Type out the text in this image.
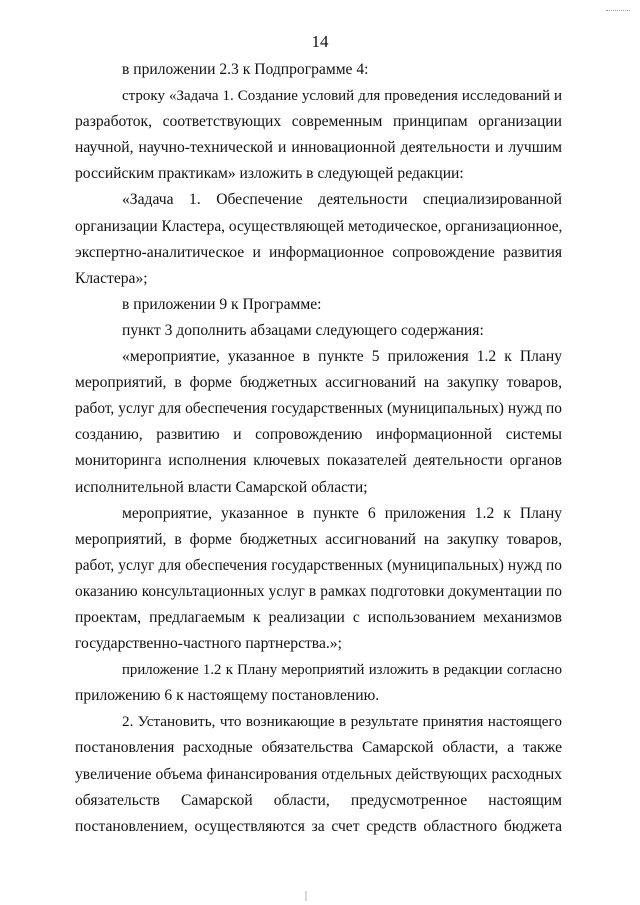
14
в приложении 2.3 к Подпрограмме 4:
строку «Задача 1. Создание условий для проведения исследований и
разработок, соответствующих современным принципам организации
научной, научно-технической и инновационной деятельности и лучшим
российским практикам» изложить в следующей редакции:
«Задача 1. Обеспечение деятельности специализированной
организации Кластера, осуществляющей методическое, организационное,
экспертно-аналитическое и информационное сопровождение развития
Кластера»;
в приложении 9 к Программе:
пункт 3 дополнить абзацами следующего содержания:
«мероприятие, указанное в пункте 5 приложения 1.2 к Плану
мероприятий, в форме бюджетных ассигнований на закупку товаров,
работ, услуг для обеспечения государственных (муниципальных) нужд по
созданию, развитию и сопровождению информационной системы
мониторинга исполнения ключевых показателей деятельности органов
исполнительной власти Самарской области;
мероприятие, указанное в пункте 6 приложения 1.2 к Плану
мероприятий, в форме бюджетных ассигнований на закупку товаров,
работ, услуг для обеспечения государственных (муниципальных) нужд по
оказанию консультационных услуг в рамках подготовки документации по
проектам, предлагаемым к реализации с использованием механизмов
государственно-частного партнерства.»;
приложение 1.2 к Плану мероприятий изложить в редакции согласно
приложению 6 к настоящему постановлению.
2. Установить, что возникающие в результате принятия настоящего
постановления расходные обязательства Самарской области, а также
увеличение объема финансирования отдельных действующих расходных
обязательств Самарской области, предусмотренное настоящим
постановлением, осуществляются за счет средств областного бюджета
